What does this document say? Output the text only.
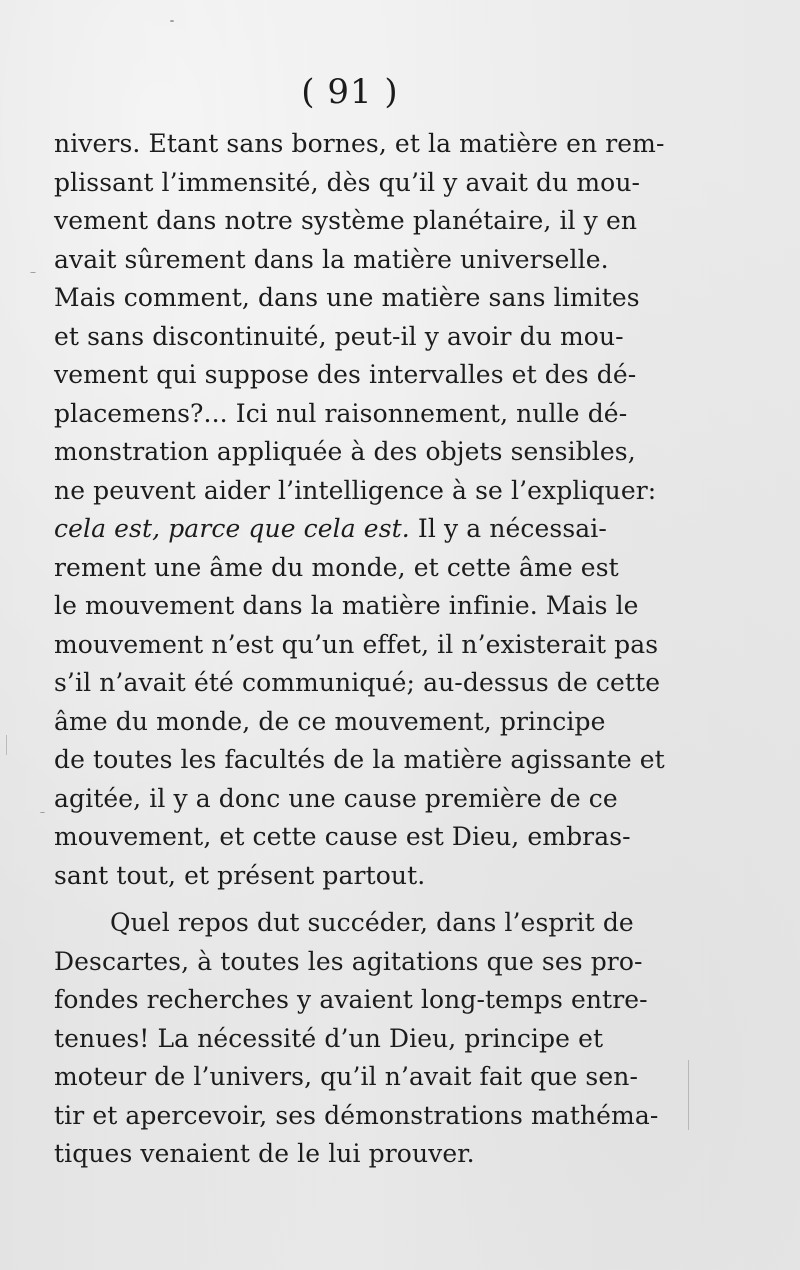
( 91 )
nivers. Etant sans bornes, et la matière en rem-
plissant l’immensité, dès qu’il y avait du mou-
vement dans notre système planétaire, il y en
avait sûrement dans la matière universelle.
Mais comment, dans une matière sans limites
et sans discontinuité, peut-il y avoir du mou-
vement qui suppose des intervalles et des dé-
placemens?... Ici nul raisonnement, nulle dé-
monstration appliquée à des objets sensibles,
ne peuvent aider l’intelligence à se l’expliquer:
cela est, parce que cela est. Il y a nécessai-
rement une âme du monde, et cette âme est
le mouvement dans la matière infinie. Mais le
mouvement n’est qu’un effet, il n’existerait pas
s’il n’avait été communiqué; au-dessus de cette
âme du monde, de ce mouvement, principe
de toutes les facultés de la matière agissante et
agitée, il y a donc une cause première de ce
mouvement, et cette cause est Dieu, embras-
sant tout, et présent partout.
Quel repos dut succéder, dans l’esprit de
Descartes, à toutes les agitations que ses pro-
fondes recherches y avaient long-temps entre-
tenues! La nécessité d’un Dieu, principe et
moteur de l’univers, qu’il n’avait fait que sen-
tir et apercevoir, ses démonstrations mathéma-
tiques venaient de le lui prouver.
